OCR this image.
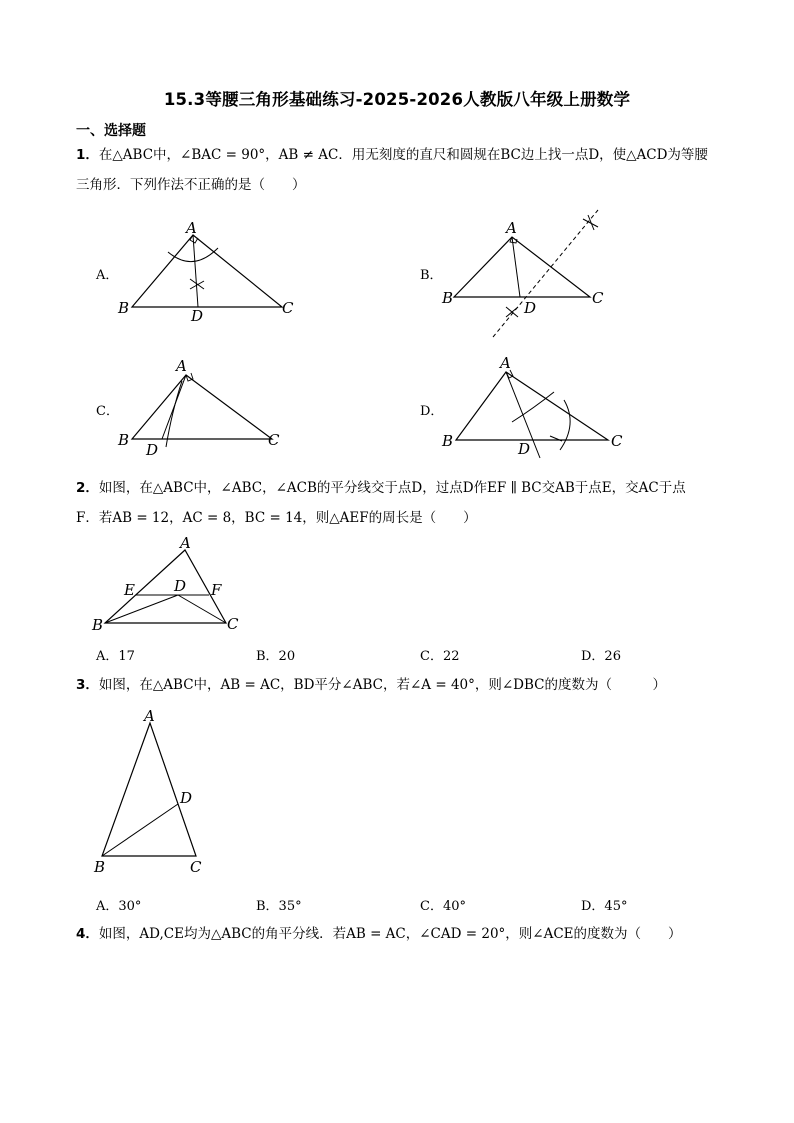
15.3等腰三角形基础练习-2025-2026人教版八年级上册数学
一、选择题
1．在△ABC中，∠BAC = 90°，AB ≠ AC．用无刻度的直尺和圆规在BC边上找一点D，使△ACD为等腰
三角形．下列作法不正确的是（　　）
A．	B．
C．	D．
A
B	C
D
A
B	C
D
A
B	C
D
A
B	C
D
2．如图，在△ABC中，∠ABC，∠ACB的平分线交于点D，过点D作EF ∥ BC交AB于点E，交AC于点
F．若AB = 12，AC = 8，BC = 14，则△AEF的周长是（　　）
A
B	C
D
E	F
A．17	B．20	C．22	D．26
3．如图，在△ABC中，AB = AC，BD平分∠ABC，若∠A = 40°，则∠DBC的度数为（　　　）
A
B	C
D
A．30°	B．35°	C．40°	D．45°
4．如图，AD,CE均为△ABC的角平分线．若AB = AC，∠CAD = 20°，则∠ACE的度数为（　　）
